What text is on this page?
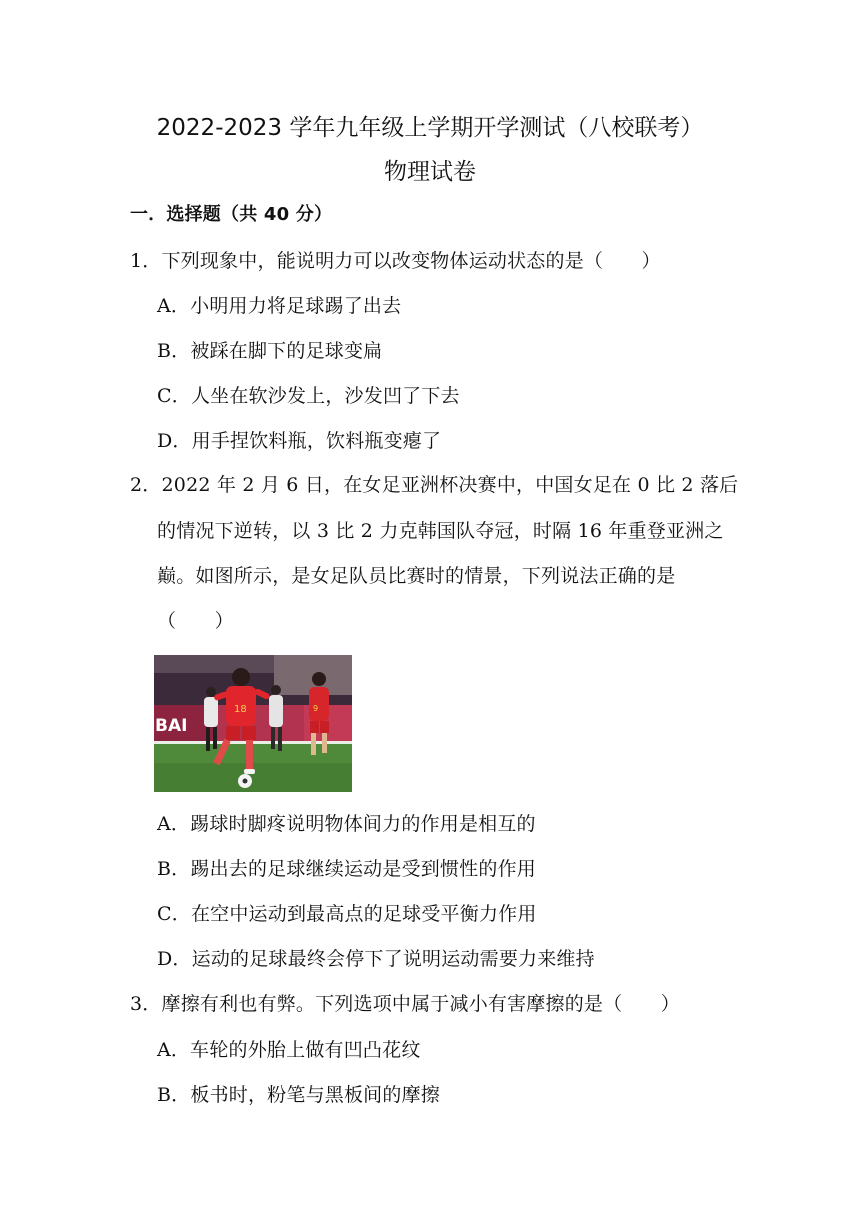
2022-2023 学年九年级上学期开学测试（八校联考）
物理试卷
一．选择题（共 40 分）
1．下列现象中，能说明力可以改变物体运动状态的是（　　）
A．小明用力将足球踢了出去
B．被踩在脚下的足球变扁
C．人坐在软沙发上，沙发凹了下去
D．用手捏饮料瓶，饮料瓶变瘪了
2．2022 年 2 月 6 日，在女足亚洲杯决赛中，中国女足在 0 比 2 落后
的情况下逆转，以 3 比 2 力克韩国队夺冠，时隔 16 年重登亚洲之
巅。如图所示，是女足队员比赛时的情景，下列说法正确的是
（　　）
BAI
9
18
A．踢球时脚疼说明物体间力的作用是相互的
B．踢出去的足球继续运动是受到惯性的作用
C．在空中运动到最高点的足球受平衡力作用
D．运动的足球最终会停下了说明运动需要力来维持
3．摩擦有利也有弊。下列选项中属于减小有害摩擦的是（　　）
A．车轮的外胎上做有凹凸花纹
B．板书时，粉笔与黑板间的摩擦
